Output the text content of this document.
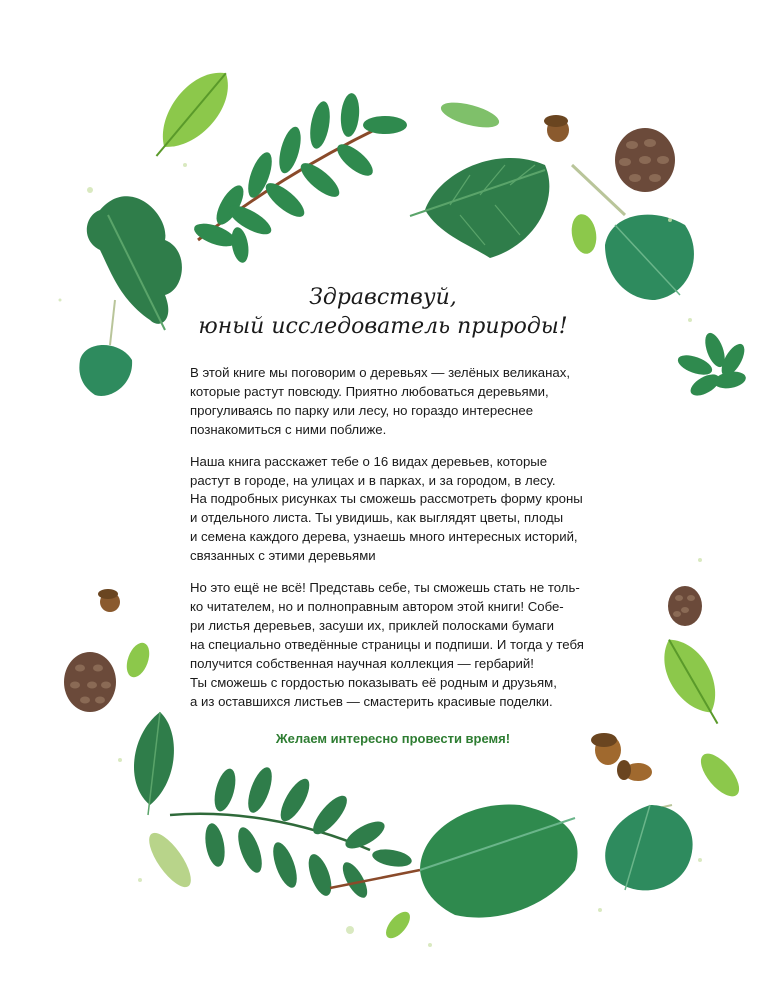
Здравствуй,
юный исследователь природы!
В этой книге мы поговорим о деревьях — зелёных великанах,
которые растут повсюду. Приятно любоваться деревьями,
прогуливаясь по парку или лесу, но гораздо интереснее
познакомиться с ними поближе.
Наша книга расскажет тебе о 16 видах деревьев, которые
растут в городе, на улицах и в парках, и за городом, в лесу.
На подробных рисунках ты сможешь рассмотреть форму кроны
и отдельного листа. Ты увидишь, как выглядят цветы, плоды
и семена каждого дерева, узнаешь много интересных историй,
связанных с этими деревьями
Но это ещё не всё! Представь себе, ты сможешь стать не толь-
ко читателем, но и полноправным автором этой книги! Собе-
ри листья деревьев, засуши их, приклей полосками бумаги
на специально отведённые страницы и подпиши. И тогда у тебя
получится собственная научная коллекция — гербарий!
Ты сможешь с гордостью показывать её родным и друзьям,
а из оставшихся листьев — смастерить красивые поделки.
Желаем интересно провести время!
